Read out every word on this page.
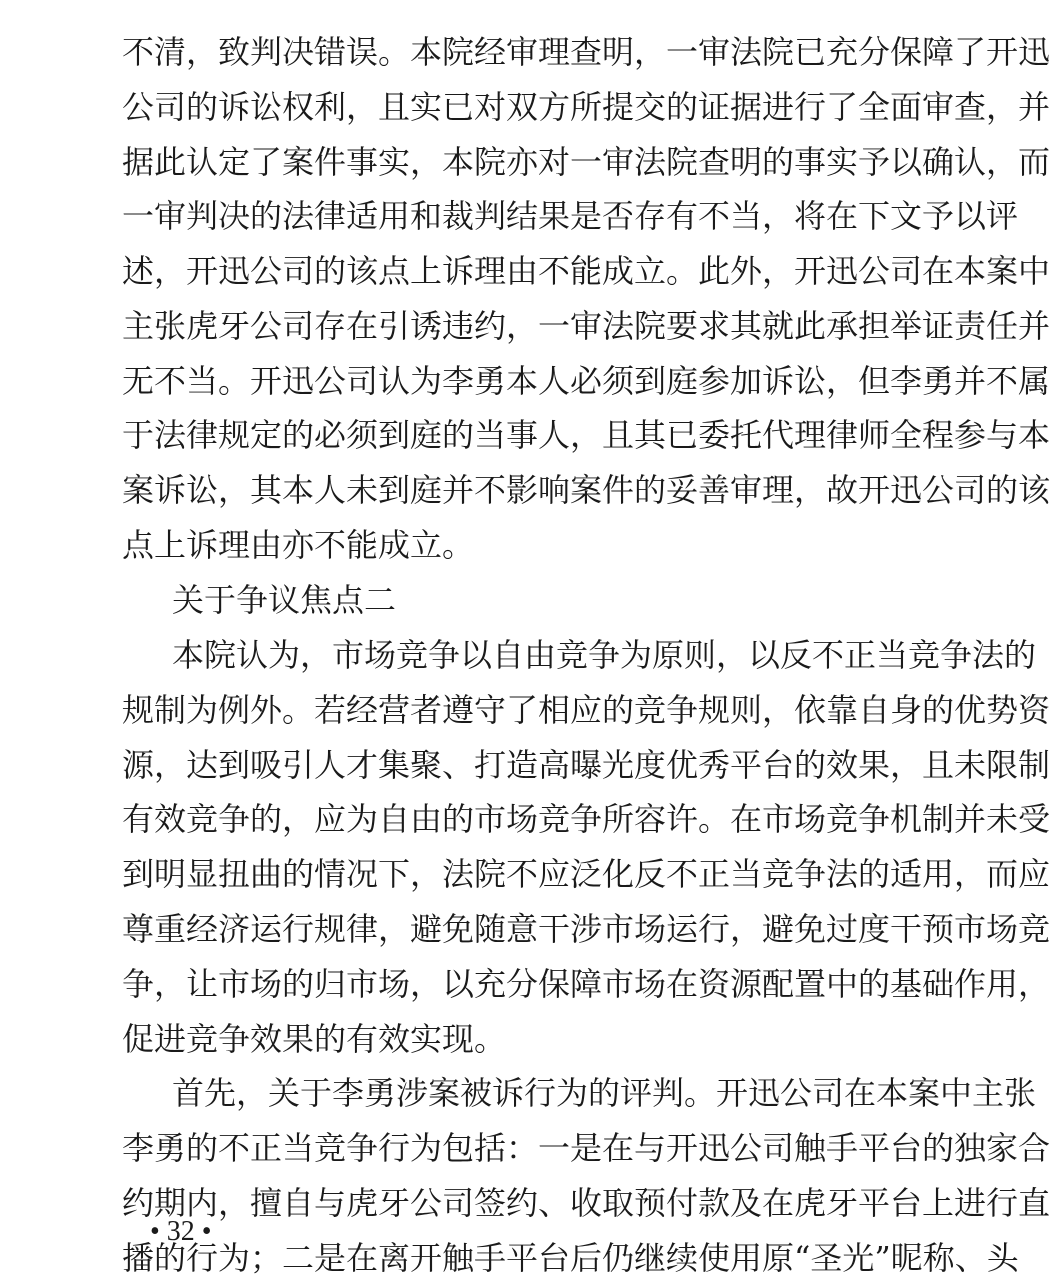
不清，致判决错误。本院经审理查明，一审法院已充分保障了开迅
公司的诉讼权利，且实已对双方所提交的证据进行了全面审查，并
据此认定了案件事实，本院亦对一审法院查明的事实予以确认，而
一审判决的法律适用和裁判结果是否存有不当，将在下文予以评
述，开迅公司的该点上诉理由不能成立。此外，开迅公司在本案中
主张虎牙公司存在引诱违约，一审法院要求其就此承担举证责任并
无不当。开迅公司认为李勇本人必须到庭参加诉讼，但李勇并不属
于法律规定的必须到庭的当事人，且其已委托代理律师全程参与本
案诉讼，其本人未到庭并不影响案件的妥善审理，故开迅公司的该
点上诉理由亦不能成立。
关于争议焦点二
本院认为，市场竞争以自由竞争为原则，以反不正当竞争法的
规制为例外。若经营者遵守了相应的竞争规则，依靠自身的优势资
源，达到吸引人才集聚、打造高曝光度优秀平台的效果，且未限制
有效竞争的，应为自由的市场竞争所容许。在市场竞争机制并未受
到明显扭曲的情况下，法院不应泛化反不正当竞争法的适用，而应
尊重经济运行规律，避免随意干涉市场运行，避免过度干预市场竞
争，让市场的归市场，以充分保障市场在资源配置中的基础作用，
促进竞争效果的有效实现。
首先，关于李勇涉案被诉行为的评判。开迅公司在本案中主张
李勇的不正当竞争行为包括：一是在与开迅公司触手平台的独家合
约期内，擅自与虎牙公司签约、收取预付款及在虎牙平台上进行直
播的行为；二是在离开触手平台后仍继续使用原“圣光”昵称、头
• 32 •
